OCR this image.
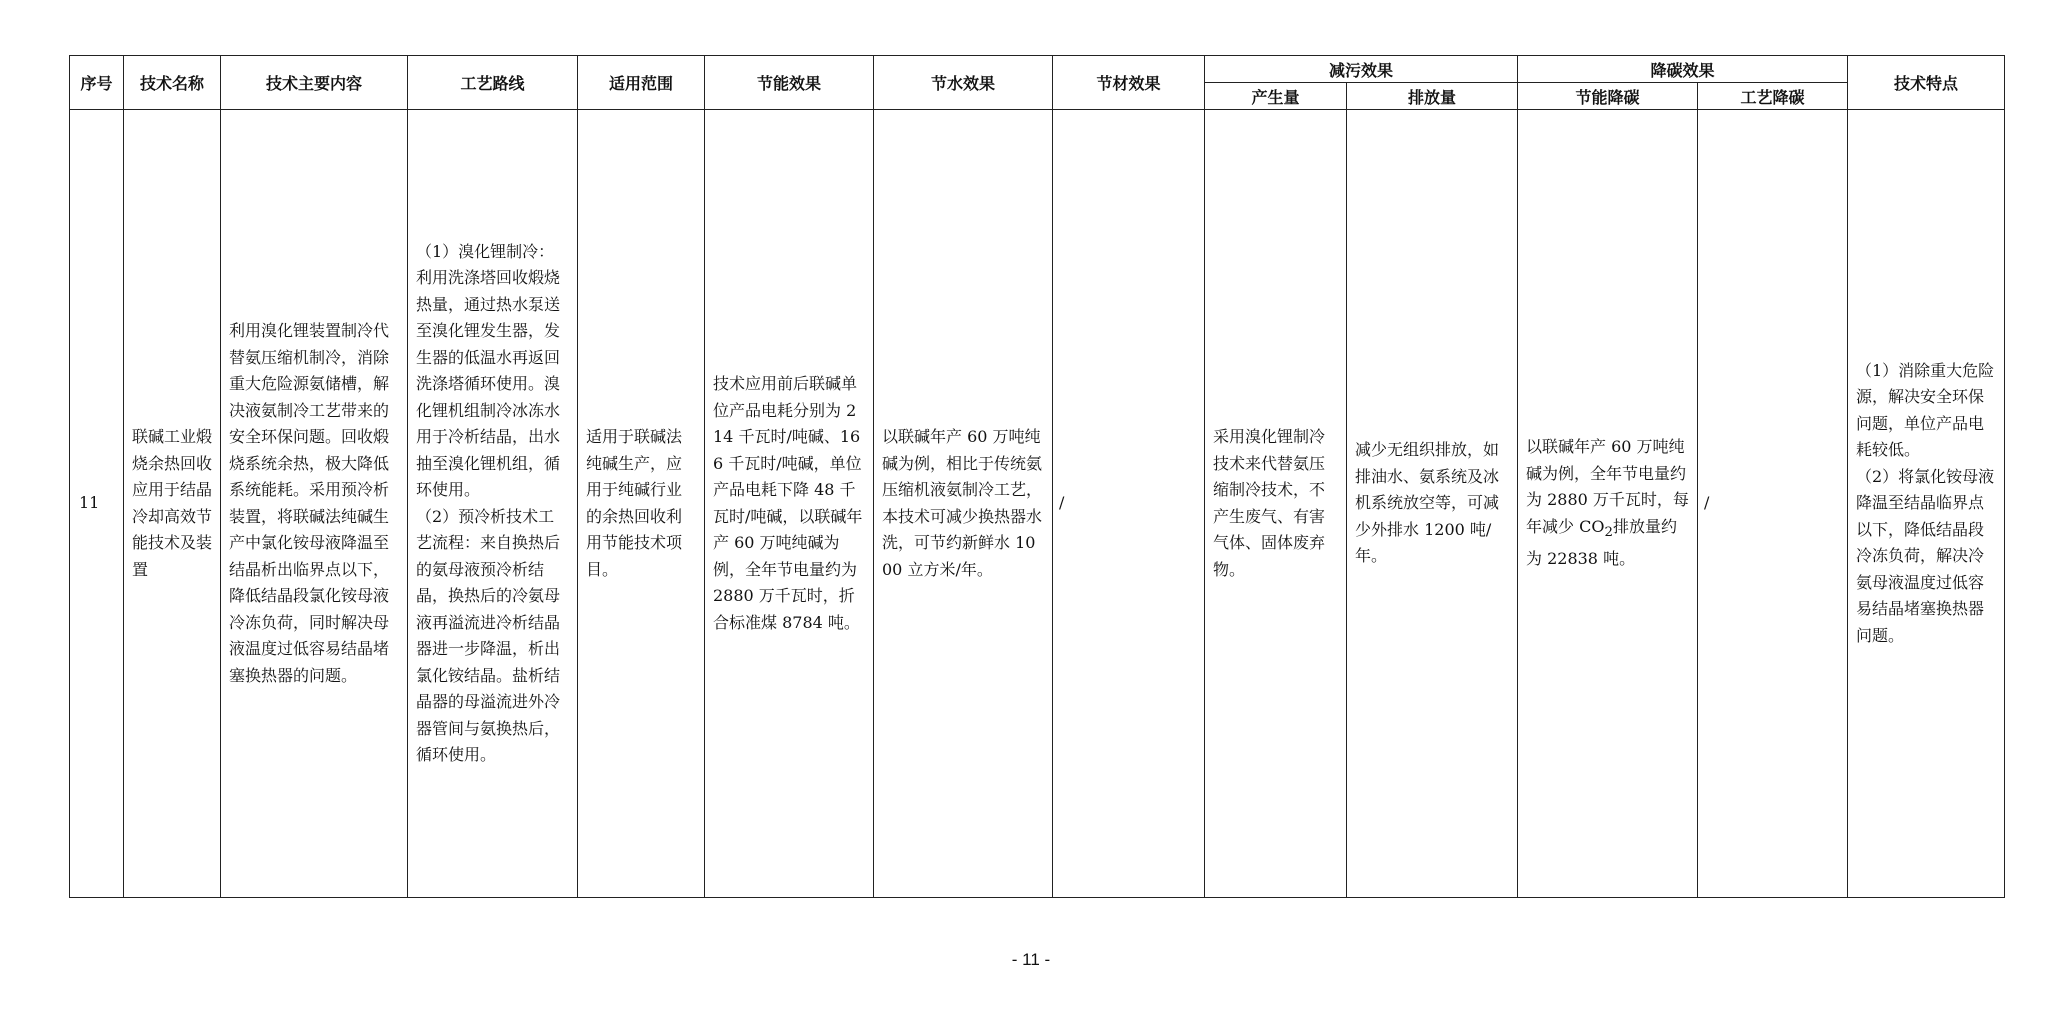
序号	技术名称	技术主要内容	工艺路线	适用范围	节能效果	节水效果	节材效果	减污效果		降碳效果		技术特点
								产生量	排放量	节能降碳	工艺降碳	
11	联碱工业煅烧余热回收应用于结晶冷却高效节能技术及装置	利用溴化锂装置制冷代替氨压缩机制冷，消除重大危险源氨储槽，解决液氨制冷工艺带来的安全环保问题。回收煅烧系统余热，极大降低系统能耗。采用预冷析装置，将联碱法纯碱生产中氯化铵母液降温至结晶析出临界点以下，降低结晶段氯化铵母液冷冻负荷，同时解决母液温度过低容易结晶堵塞换热器的问题。	（1）溴化锂制冷：利用洗涤塔回收煅烧热量，通过热水泵送至溴化锂发生器，发生器的低温水再返回洗涤塔循环使用。溴化锂机组制冷冰冻水用于冷析结晶，出水抽至溴化锂机组，循环使用。
（2）预冷析技术工艺流程：来自换热后的氨母液预冷析结晶，换热后的冷氨母液再溢流进冷析结晶器进一步降温，析出氯化铵结晶。盐析结晶器的母溢流进外冷器管间与氨换热后，循环使用。	适用于联碱法纯碱生产，应用于纯碱行业的余热回收利用节能技术项目。	技术应用前后联碱单位产品电耗分别为 214 千瓦时/吨碱、166 千瓦时/吨碱，单位产品电耗下降 48 千瓦时/吨碱，以联碱年产 60 万吨纯碱为例，全年节电量约为 2880 万千瓦时，折合标准煤 8784 吨。	以联碱年产 60 万吨纯碱为例，相比于传统氨压缩机液氨制冷工艺，本技术可减少换热器水洗，可节约新鲜水 1000 立方米/年。	/	采用溴化锂制冷技术来代替氨压缩制冷技术，不产生废气、有害气体、固体废弃物。	减少无组织排放，如排油水、氨系统及冰机系统放空等，可减少外排水 1200 吨/年。	以联碱年产 60 万吨纯碱为例，全年节电量约为 2880 万千瓦时，每年减少 $CO_2$排放量约为 22838 吨。	/	（1）消除重大危险源，解决安全环保问题，单位产品电耗较低。
（2）将氯化铵母液降温至结晶临界点以下，降低结晶段冷冻负荷，解决冷氨母液温度过低容易结晶堵塞换热器问题。
- 11 -
